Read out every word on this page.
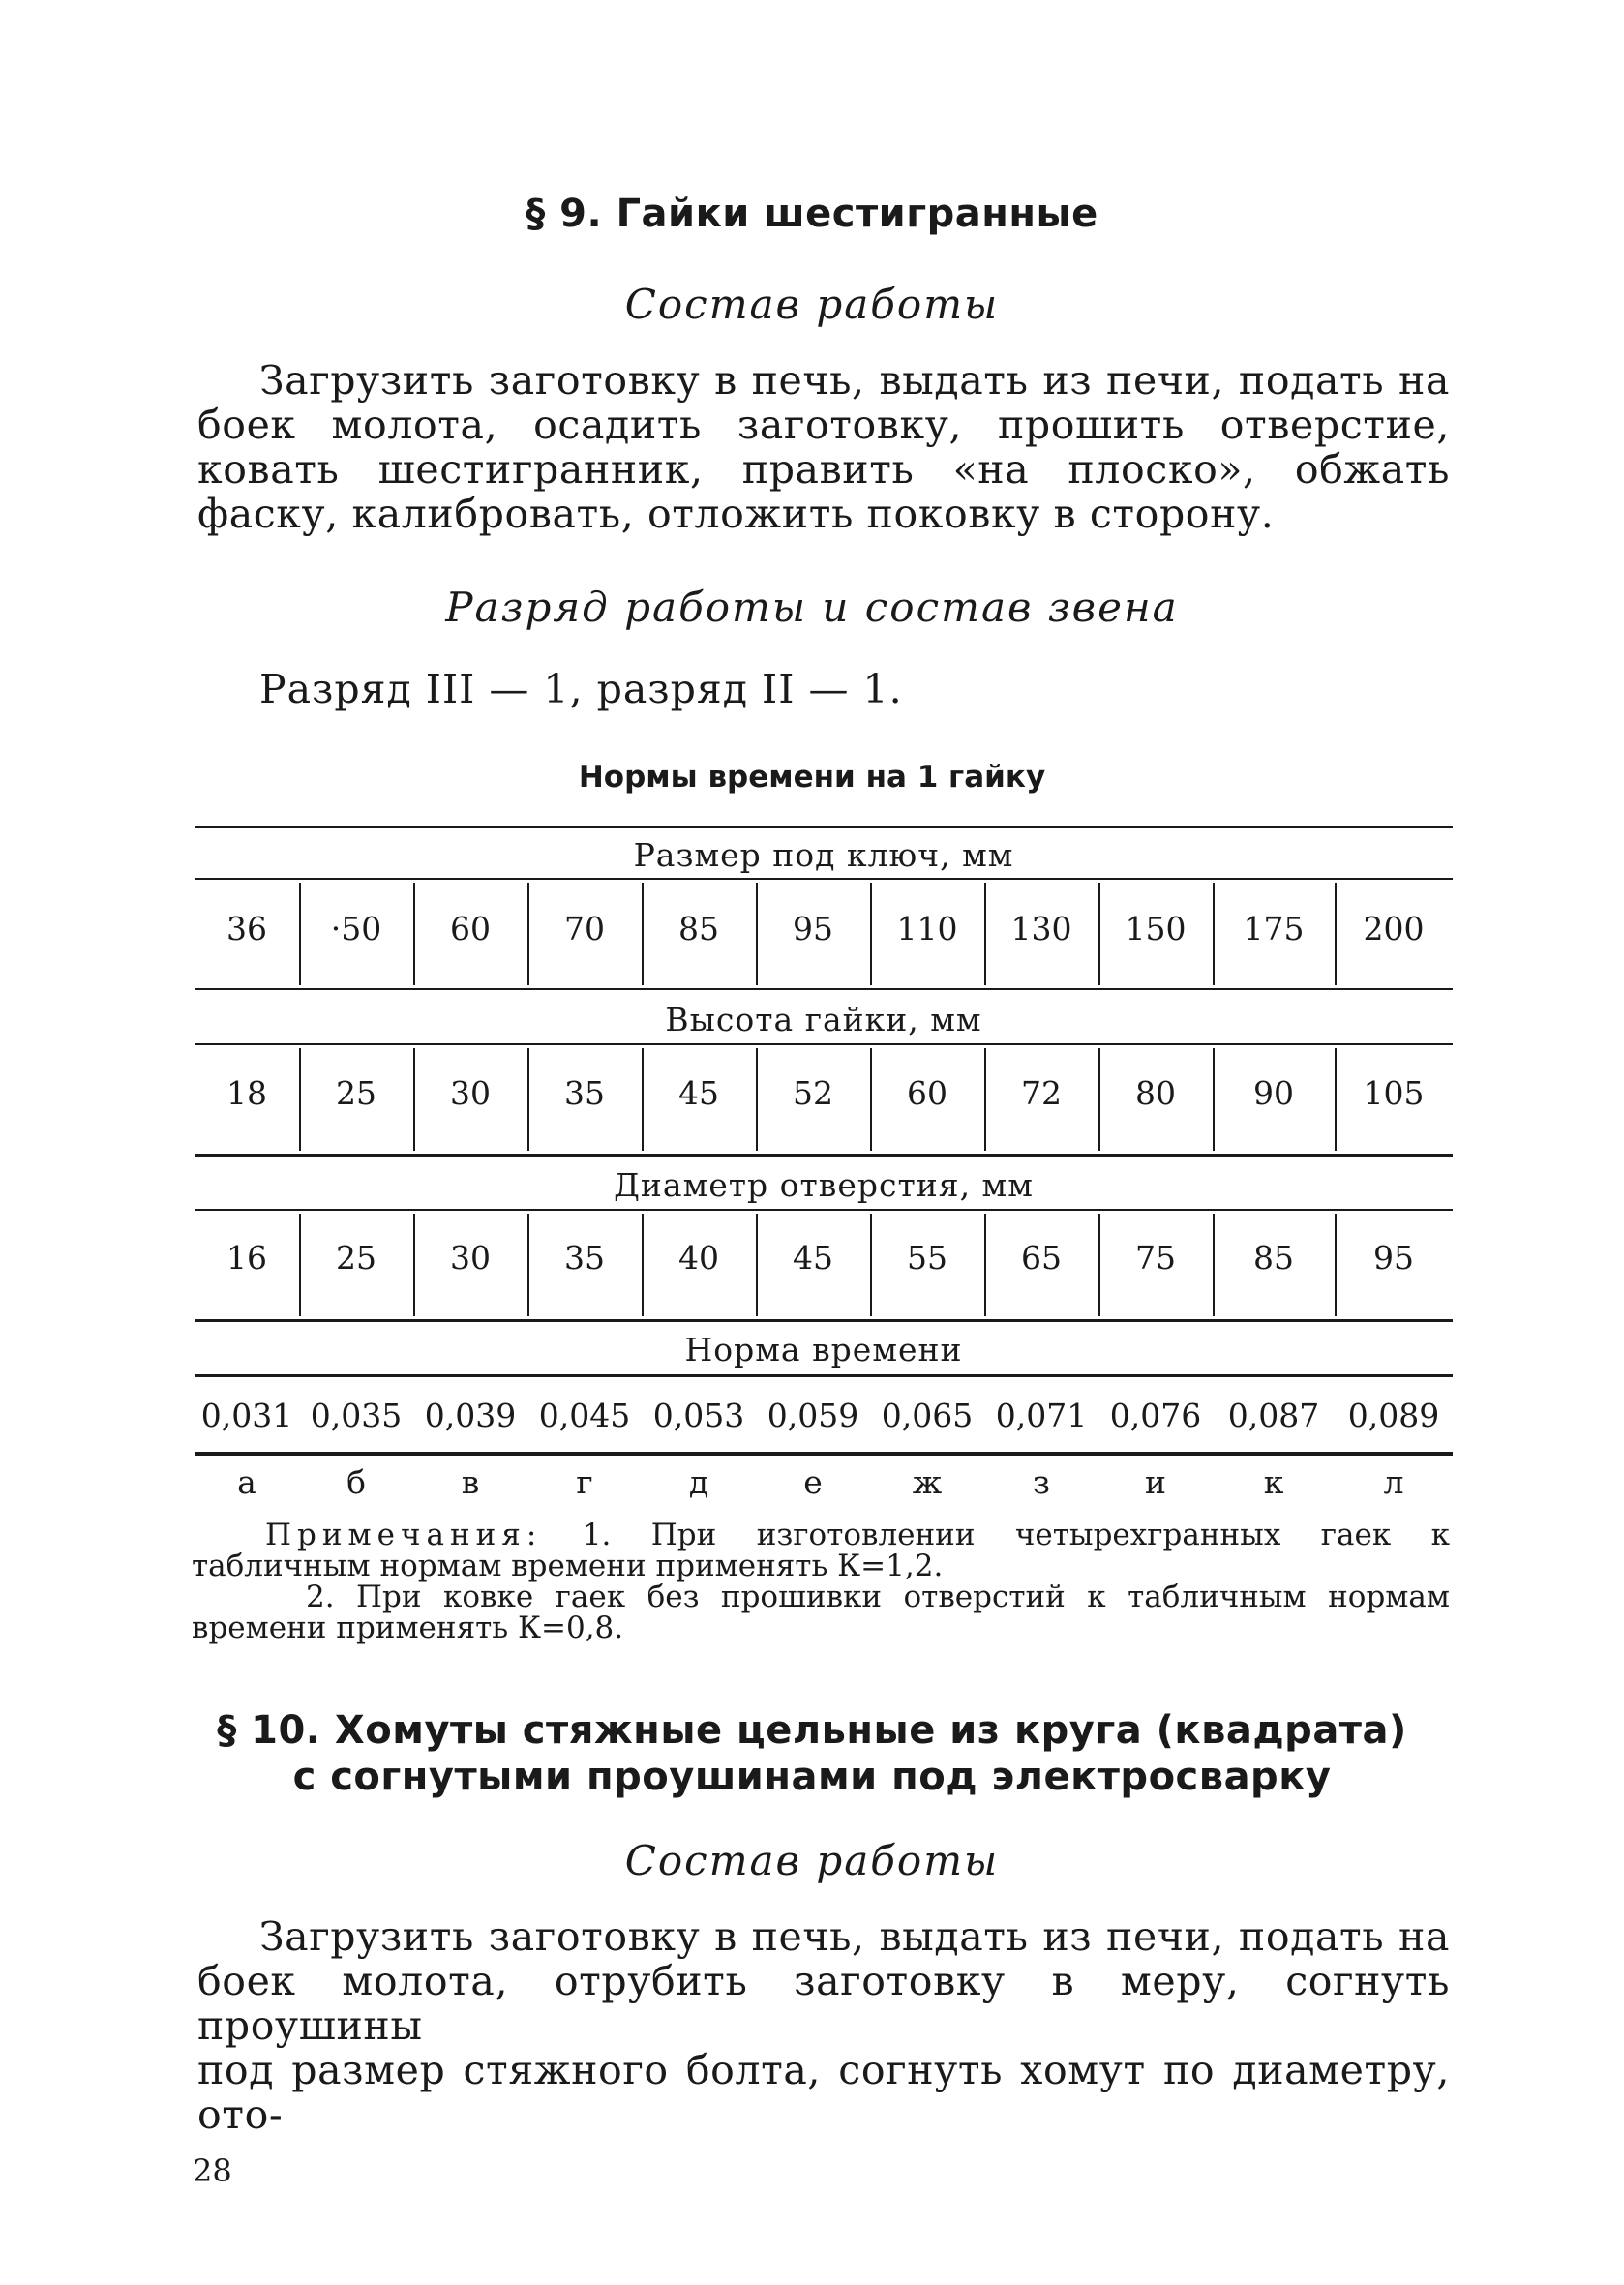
§ 9. Гайки шестигранные
Состав работы

Загрузить заготовку в печь, выдать из печи, подать на боек молота, осадить заготовку, прошить отверстие, ковать шестигранник, править «на плоско», обжать фаску, калибровать, отложить поковку в сторону.

Разряд работы и состав звена
Разряд III — 1, разряд II — 1.
Нормы времени на 1 гайку
Размер под ключ, мм
36	·50	60	70	85	95	110	130	150	175	200
Высота гайки, мм
18	25	30	35	45	52	60	72	80	90	105
Диаметр отверстия, мм
16	25	30	35	40	45	55	65	75	85	95
Норма времени
0,031 0,035 0,039 0,045 0,053 0,059 0,065 0,071 0,076 0,087 0,089
а	б	в	г	д	е	ж	з	и	к	л

Примечания: 1. При изготовлении четырехгранных гаек к табличным нормам времени применять К=1,2.

2. При ковке гаек без прошивки отверстий к табличным нормам времени применять К=0,8.

§ 10. Хомуты стяжные цельные из круга (квадрата)
с согнутыми проушинами под электросварку
Состав работы

Загрузить заготовку в печь, выдать из печи, подать на

боек молота, отрубить заготовку в меру, согнуть проушины

под размер стяжного болта, согнуть хомут по диаметру, ото-

28
